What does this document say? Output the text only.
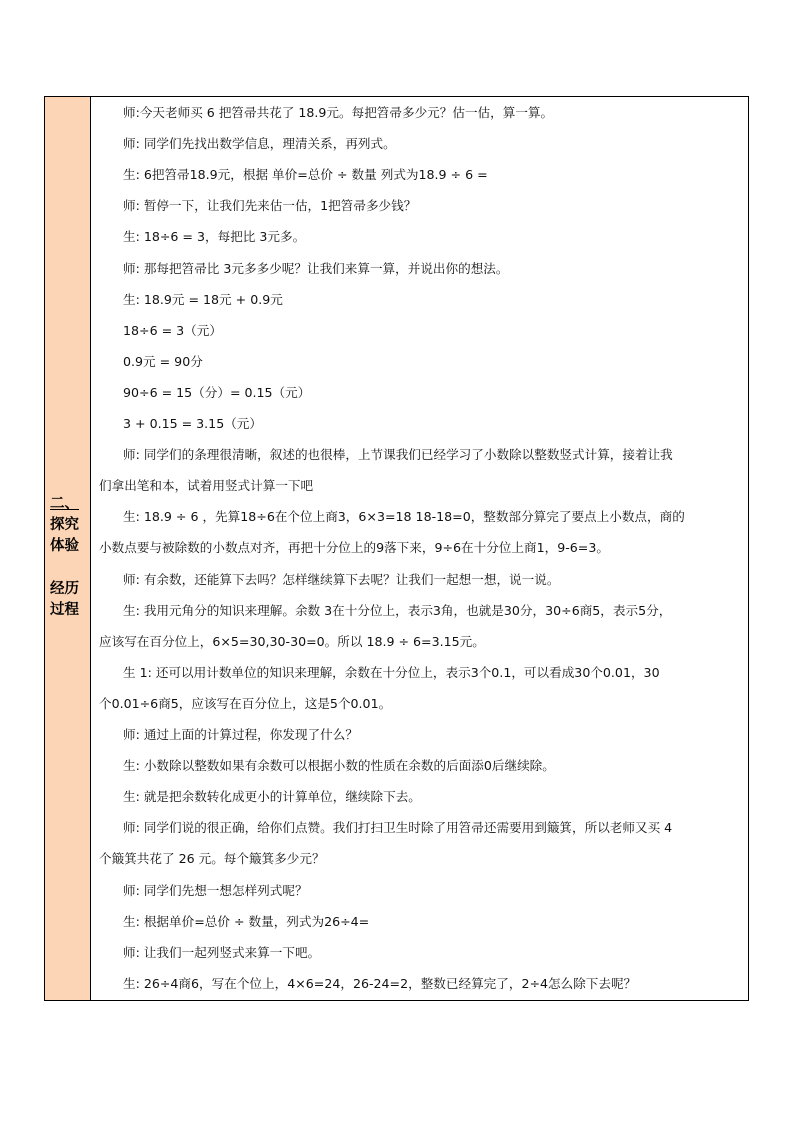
二、
探究
体验
经历
过程
师:今天老师买 6 把笤帚共花了 18.9元。每把笤帚多少元？估一估，算一算。
师: 同学们先找出数学信息，理清关系，再列式。
生: 6把笤帚18.9元，根据 单价=总价 ÷ 数量 列式为18.9 ÷ 6 =
师: 暂停一下，让我们先来估一估，1把笤帚多少钱？
生: 18÷6 = 3，每把比 3元多。
师: 那每把笤帚比 3元多多少呢？让我们来算一算，并说出你的想法。
生: 18.9元 = 18元 + 0.9元
18÷6 = 3（元）
0.9元 = 90分
90÷6 = 15（分）= 0.15（元）
3 + 0.15 = 3.15（元）
师: 同学们的条理很清晰，叙述的也很棒，上节课我们已经学习了小数除以整数竖式计算，接着让我
们拿出笔和本，试着用竖式计算一下吧
生: 18.9 ÷ 6 ，先算18÷6在个位上商3，6×3=18 18-18=0，整数部分算完了要点上小数点，商的
小数点要与被除数的小数点对齐，再把十分位上的9落下来，9÷6在十分位上商1，9-6=3。
师: 有余数，还能算下去吗？怎样继续算下去呢？让我们一起想一想，说一说。
生: 我用元角分的知识来理解。余数 3在十分位上，表示3角，也就是30分，30÷6商5，表示5分，
应该写在百分位上，6×5=30,30-30=0。所以 18.9 ÷ 6=3.15元。
生 1: 还可以用计数单位的知识来理解，余数在十分位上，表示3个0.1，可以看成30个0.01，30
个0.01÷6商5，应该写在百分位上，这是5个0.01。
师: 通过上面的计算过程，你发现了什么？
生: 小数除以整数如果有余数可以根据小数的性质在余数的后面添0后继续除。
生: 就是把余数转化成更小的计算单位，继续除下去。
师: 同学们说的很正确，给你们点赞。我们打扫卫生时除了用笤帚还需要用到簸箕，所以老师又买 4
个簸箕共花了 26 元。每个簸箕多少元？
师: 同学们先想一想怎样列式呢？
生: 根据单价=总价 ÷ 数量，列式为26÷4=
师: 让我们一起列竖式来算一下吧。
生: 26÷4商6，写在个位上，4×6=24，26-24=2，整数已经算完了，2÷4怎么除下去呢？
